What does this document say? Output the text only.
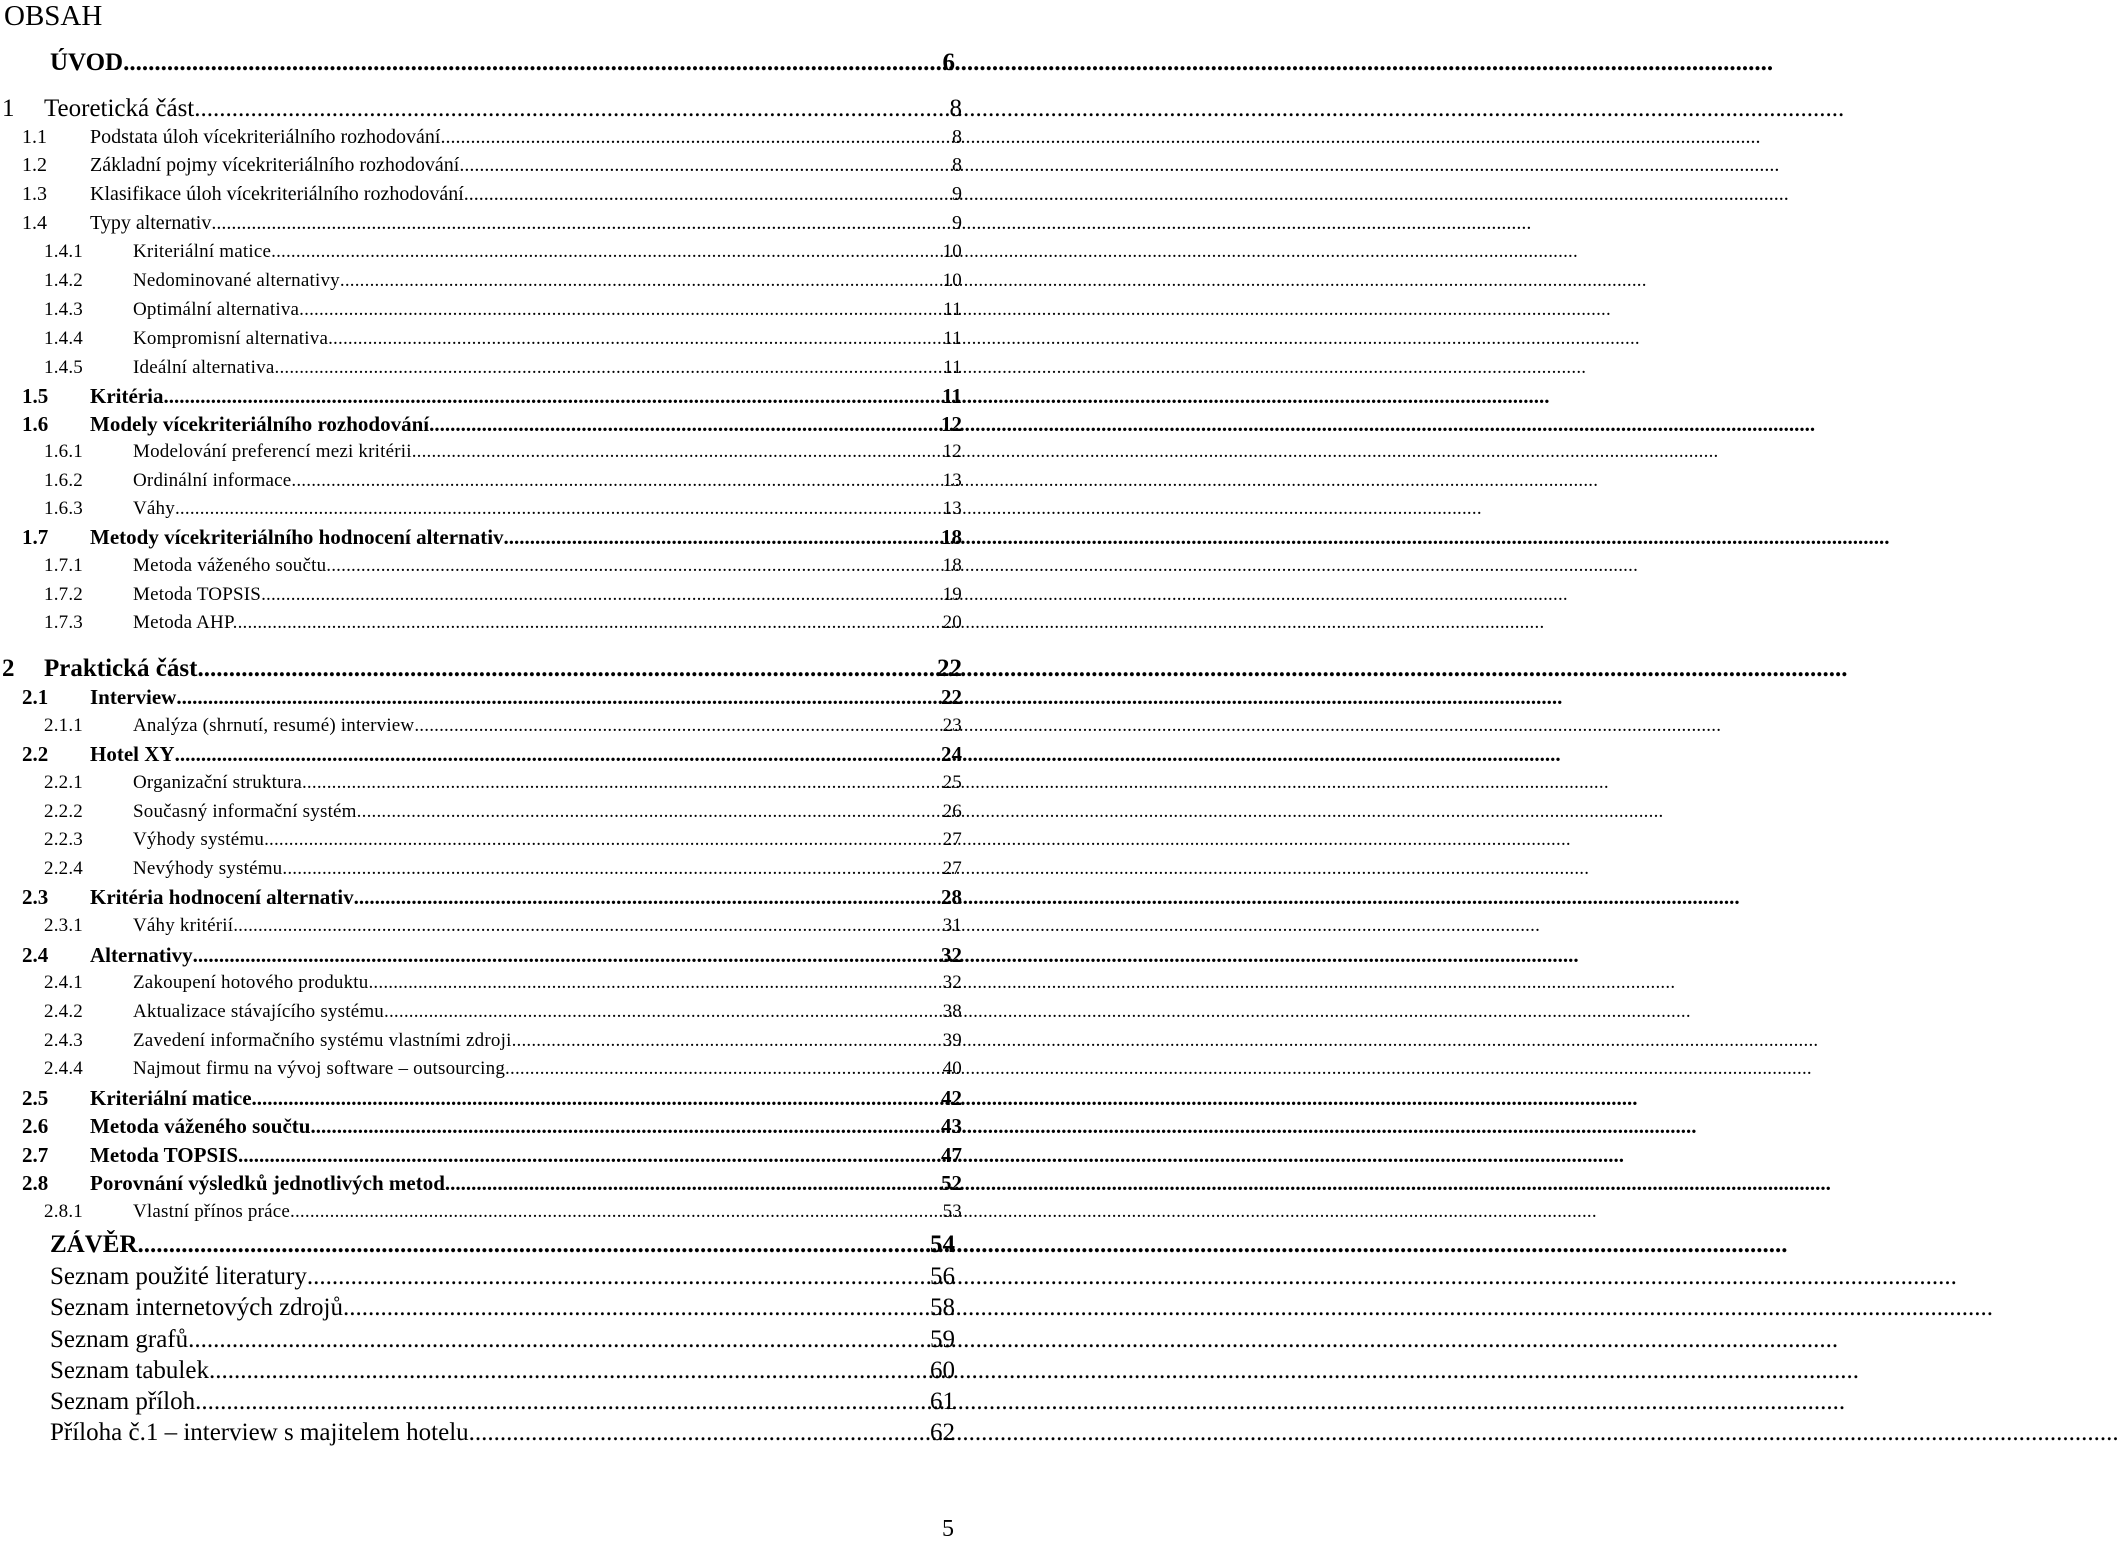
OBSAH
ÚVOD .....	6
1	Teoretická část .....	8
1.1	Podstata úloh vícekriteriálního rozhodování .....	8
1.2	Základní pojmy vícekriteriálního rozhodování .....	8
1.3	Klasifikace úloh vícekriteriálního rozhodování. .....	9
1.4	Typy alternativ .....	9
1.4.1	Kriteriální matice .....	10
1.4.2	Nedominované alternativy .....	10
1.4.3	Optimální alternativa. .....	11
1.4.4	Kompromisní alternativa. .....	11
1.4.5	Ideální alternativa. .....	11
1.5	Kritéria .....	11
1.6	Modely vícekriteriálního rozhodování .....	12
1.6.1	Modelování preferencí mezi kritérii .....	12
1.6.2	Ordinální informace .....	13
1.6.3	Váhy .....	13
1.7	Metody vícekriteriálního hodnocení alternativ .....	18
1.7.1	Metoda váženého součtu. .....	18
1.7.2	Metoda TOPSIS .....	19
1.7.3	Metoda AHP. .....	20
2	Praktická část .....	22
2.1	Interview .....	22
2.1.1	Analýza (shrnutí, resumé) interview .....	23
2.2	Hotel XY .....	24
2.2.1	Organizační struktura .....	25
2.2.2	Současný informační systém .....	26
2.2.3	Výhody systému .....	27
2.2.4	Nevýhody systému .....	27
2.3	Kritéria hodnocení alternativ .....	28
2.3.1	Váhy kritérií .....	31
2.4	Alternativy .....	32
2.4.1	Zakoupení hotového produktu .....	32
2.4.2	Aktualizace stávajícího systému .....	38
2.4.3	Zavedení informačního systému vlastními zdroji .....	39
2.4.4	Najmout firmu na vývoj software – outsourcing .....	40
2.5	Kriteriální matice .....	42
2.6	Metoda váženého součtu .....	43
2.7	Metoda TOPSIS .....	47
2.8	Porovnání výsledků jednotlivých metod .....	52
2.8.1	Vlastní přínos práce .....	53
ZÁVĚR .....	54
Seznam použité literatury .....	56
Seznam internetových zdrojů .....	58
Seznam grafů .....	59
Seznam tabulek .....	60
Seznam příloh .....	61
Příloha č.1 – interview s majitelem hotelu .....	62
5
